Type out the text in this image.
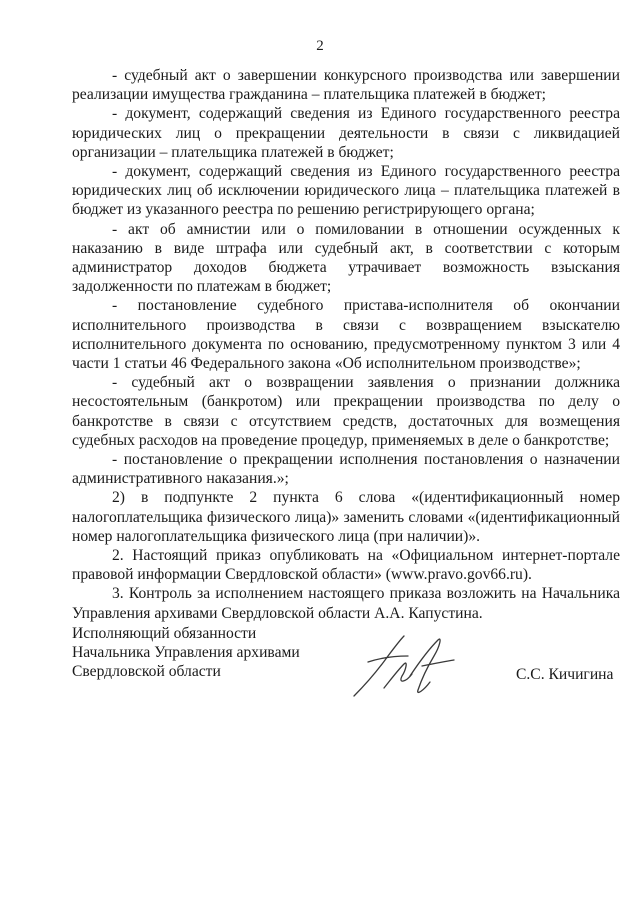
2

- судебный акт о завершении конкурсного производства или завершении реализации имущества гражданина – плательщика платежей в бюджет;

- документ, содержащий сведения из Единого государственного реестра юридических лиц о прекращении деятельности в связи с ликвидацией организации – плательщика платежей в бюджет;

- документ, содержащий сведения из Единого государственного реестра юридических лиц об исключении юридического лица – плательщика платежей в бюджет из указанного реестра по решению регистрирующего органа;

- акт об амнистии или о помиловании в отношении осужденных к наказанию в виде штрафа или судебный акт, в соответствии с которым администратор доходов бюджета утрачивает возможность взыскания задолженности по платежам в бюджет;

- постановление судебного пристава-исполнителя об окончании исполнительного производства в связи с возвращением взыскателю исполнительного документа по основанию, предусмотренному пунктом 3 или 4 части 1 статьи 46 Федерального закона «Об исполнительном производстве»;

- судебный акт о возвращении заявления о признании должника несостоятельным (банкротом) или прекращении производства по делу о банкротстве в связи с отсутствием средств, достаточных для возмещения судебных расходов на проведение процедур, применяемых в деле о банкротстве;

- постановление о прекращении исполнения постановления о назначении административного наказания.»;

2) в подпункте 2 пункта 6 слова «(идентификационный номер налогоплательщика физического лица)» заменить словами «(идентификационный номер налогоплательщика физического лица (при наличии)».

2. Настоящий приказ опубликовать на «Официальном интернет-портале правовой информации Свердловской области» (www.pravo.gov66.ru).

3. Контроль за исполнением настоящего приказа возложить на Начальника Управления архивами Свердловской области А.А. Капустина.

Исполняющий обязанности
Начальника Управления архивами
Свердловской области	С.С. Кичигина
